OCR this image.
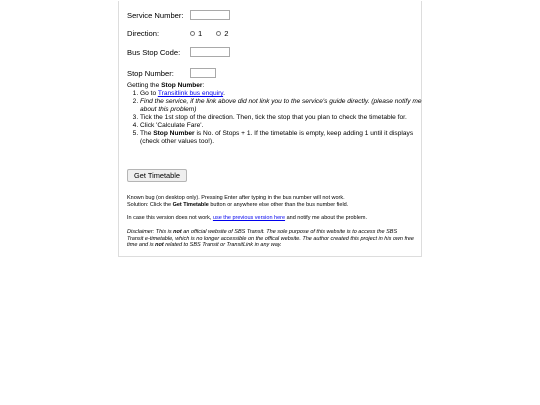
Service Number:
Direction:	1	2
Bus Stop Code:
Stop Number:
Getting the Stop Number:
1. Go to Transitlink bus enquiry.
2. Find the service, if the link above did not link you to the service's guide directly. (please notify me about this problem)
3. Tick the 1st stop of the direction. Then, tick the stop that you plan to check the timetable for.
4. Click 'Calculate Fare'.
5. The Stop Number is No. of Stops + 1. If the timetable is empty, keep adding 1 until it displays (check other values too!).
Get Timetable
Known bug (on desktop only). Pressing Enter after typing in the bus number will not work.
Solution: Click the Get Timetable button or anywhere else other than the bus number field.
In case this version does not work, use the previous version here and notify me about the problem.
Disclaimer: This is not an official website of SBS Transit. The sole purpose of this website is to access the SBS Transit e-timetable, which is no longer accessible on the offical website. The author created this project in his own free time and is not related to SBS Transit or TransitLink in any way.
